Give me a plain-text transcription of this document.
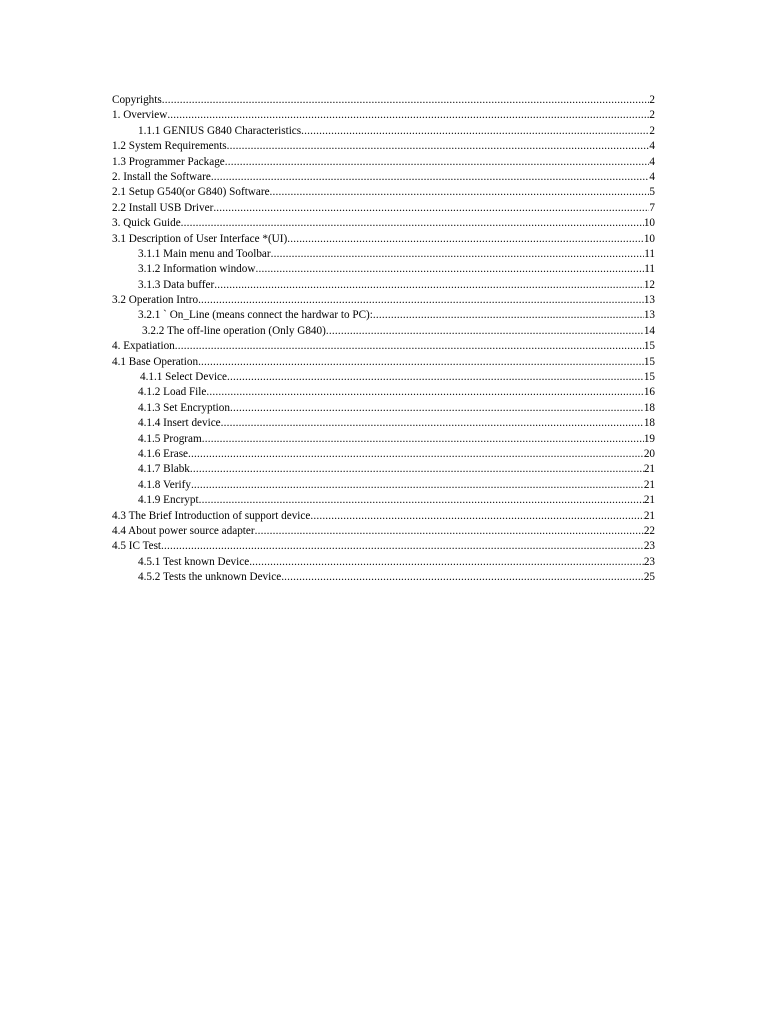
Copyrights .....	2
1. Overview .....	2
1.1.1 GENIUS G840 Characteristics .....	2
1.2 System Requirements .....	4
1.3 Programmer Package .....	4
2. Install the Software .....	4
2.1 Setup G540(or G840) Software .....	5
2.2 Install USB Driver .....	7
3. Quick Guide .....	10
3.1 Description of User Interface *(UI) .....	10
3.1.1 Main menu and Toolbar .....	11
3.1.2 Information window .....	11
3.1.3 Data buffer .....	12
3.2 Operation Intro .....	13
3.2.1 ` On_Line (means connect the hardwar to PC): .....	13
3.2.2 The off-line operation (Only G840) .....	14
4. Expatiation .....	15
4.1 Base Operation .....	15
4.1.1 Select Device .....	15
4.1.2 Load File .....	16
4.1.3 Set Encryption .....	18
4.1.4 Insert device .....	18
4.1.5 Program .....	19
4.1.6 Erase .....	20
4.1.7 Blabk .....	21
4.1.8 Verify .....	21
4.1.9 Encrypt .....	21
4.3 The Brief Introduction of support device .....	21
4.4 About power source adapter .....	22
4.5 IC Test .....	23
4.5.1 Test known Device .....	23
4.5.2 Tests the unknown Device .....	25
